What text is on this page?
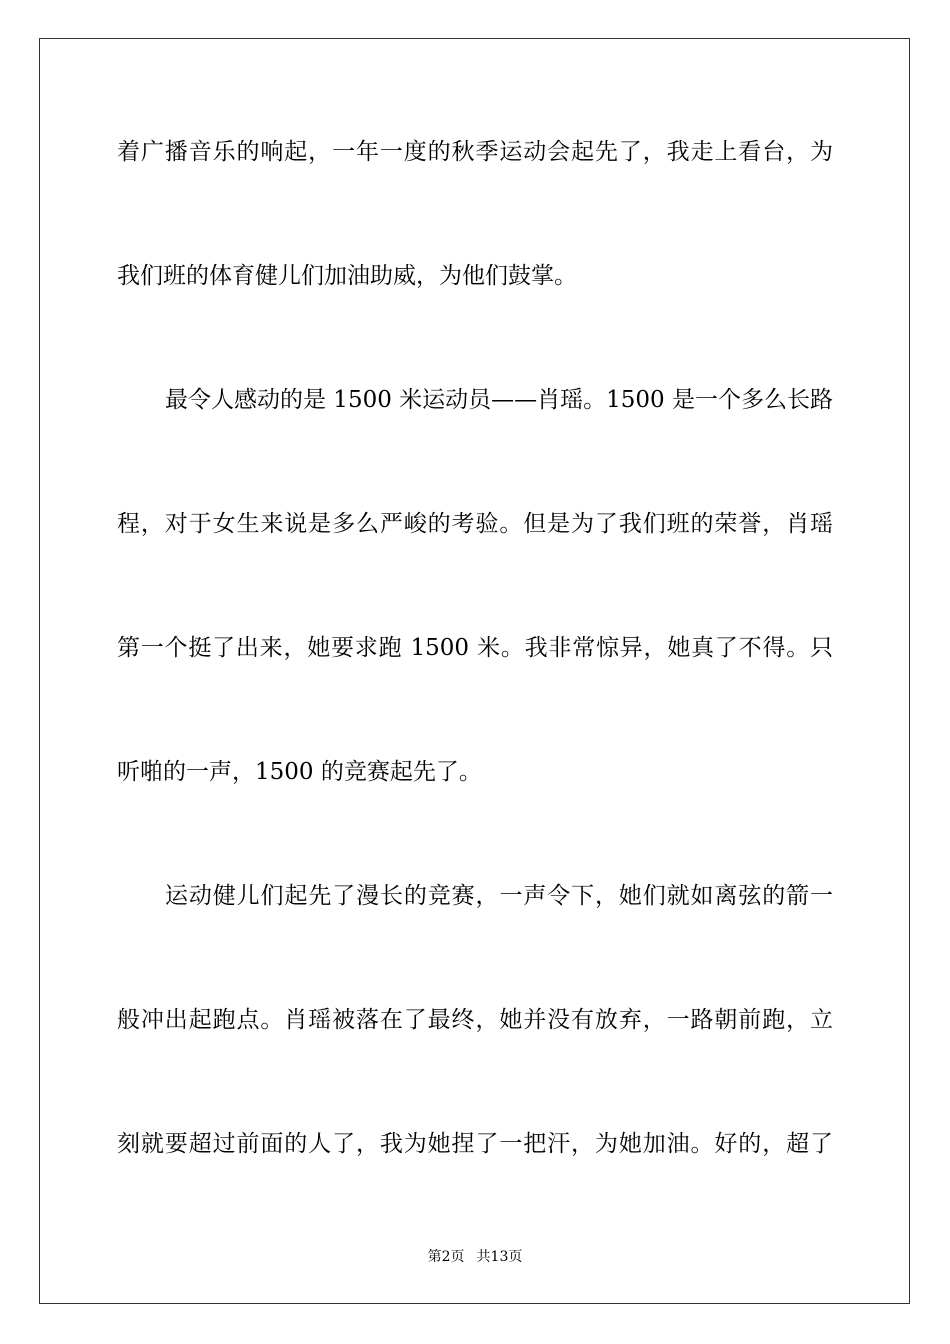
着广播音乐的响起，一年一度的秋季运动会起先了，我走上看台，为

我们班的体育健儿们加油助威，为他们鼓掌。

最令人感动的是 1500 米运动员——肖瑶。1500 是一个多么长路

程，对于女生来说是多么严峻的考验。但是为了我们班的荣誉，肖瑶

第一个挺了出来，她要求跑 1500 米。我非常惊异，她真了不得。只

听啪的一声，1500 的竞赛起先了。

运动健儿们起先了漫长的竞赛，一声令下，她们就如离弦的箭一

般冲出起跑点。肖瑶被落在了最终，她并没有放弃，一路朝前跑，立

刻就要超过前面的人了，我为她捏了一把汗，为她加油。好的，超了

第2页 共13页
